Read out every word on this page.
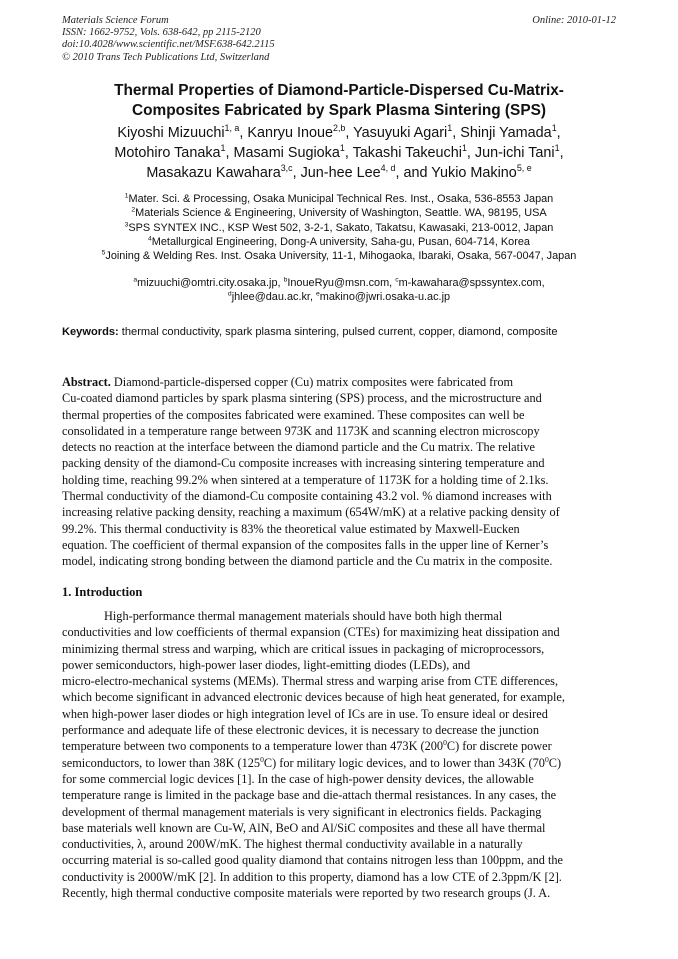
Materials Science Forum
ISSN: 1662-9752, Vols. 638-642, pp 2115-2120
doi:10.4028/www.scientific.net/MSF.638-642.2115
© 2010 Trans Tech Publications Ltd, Switzerland
Online: 2010-01-12
Thermal Properties of Diamond-Particle-Dispersed Cu-Matrix-
Composites Fabricated by Spark Plasma Sintering (SPS)
Kiyoshi Mizuuchi$^{1, a}$, Kanryu Inoue$^{2,b}$, Yasuyuki Agari$^1$, Shinji Yamada$^1$,
Motohiro Tanaka$^1$, Masami Sugioka$^1$, Takashi Takeuchi$^1$, Jun-ichi Tani$^1$,
Masakazu Kawahara$^{3,c}$, Jun-hee Lee$^{4, d}$, and Yukio Makino$^{5, e}$
$^1$Mater. Sci. & Processing, Osaka Municipal Technical Res. Inst., Osaka, 536-8553 Japan
$^2$Materials Science & Engineering, University of Washington, Seattle. WA, 98195, USA
$^3$SPS SYNTEX INC., KSP West 502, 3-2-1, Sakato, Takatsu, Kawasaki, 213-0012, Japan
$^4$Metallurgical Engineering, Dong-A university, Saha-gu, Pusan, 604-714, Korea
$^5$Joining & Welding Res. Inst. Osaka University, 11-1, Mihogaoka, Ibaraki, Osaka, 567-0047, Japan
$^a$mizuuchi@omtri.city.osaka.jp, $^b$InoueRyu@msn.com, $^c$m-kawahara@spssyntex.com,
$^d$jhlee@dau.ac.kr, $^e$makino@jwri.osaka-u.ac.jp
Keywords: thermal conductivity, spark plasma sintering, pulsed current, copper, diamond, composite
Abstract. Diamond-particle-dispersed copper (Cu) matrix composites were fabricated from
Cu-coated diamond particles by spark plasma sintering (SPS) process, and the microstructure and
thermal properties of the composites fabricated were examined. These composites can well be
consolidated in a temperature range between 973K and 1173K and scanning electron microscopy
detects no reaction at the interface between the diamond particle and the Cu matrix. The relative
packing density of the diamond-Cu composite increases with increasing sintering temperature and
holding time, reaching 99.2% when sintered at a temperature of 1173K for a holding time of 2.1ks.
Thermal conductivity of the diamond-Cu composite containing 43.2 vol. % diamond increases with
increasing relative packing density, reaching a maximum (654W/mK) at a relative packing density of
99.2%. This thermal conductivity is 83% the theoretical value estimated by Maxwell-Eucken
equation. The coefficient of thermal expansion of the composites falls in the upper line of Kerner’s
model, indicating strong bonding between the diamond particle and the Cu matrix in the composite.
1. Introduction
High-performance thermal management materials should have both high thermal
conductivities and low coefficients of thermal expansion (CTEs) for maximizing heat dissipation and
minimizing thermal stress and warping, which are critical issues in packaging of microprocessors,
power semiconductors, high-power laser diodes, light-emitting diodes (LEDs), and
micro-electro-mechanical systems (MEMs). Thermal stress and warping arise from CTE differences,
which become significant in advanced electronic devices because of high heat generated, for example,
when high-power laser diodes or high integration level of ICs are in use. To ensure ideal or desired
performance and adequate life of these electronic devices, it is necessary to decrease the junction
temperature between two components to a temperature lower than 473K $(200^0C)$ for discrete power
semiconductors, to lower than 38K $(125^0C)$ for military logic devices, and to lower than 343K $(70^0C)$
for some commercial logic devices [1]. In the case of high-power density devices, the allowable
temperature range is limited in the package base and die-attach thermal resistances. In any cases, the
development of thermal management materials is very significant in electronics fields. Packaging
base materials well known are Cu-W, AlN, BeO and Al/SiC composites and these all have thermal
conductivities, λ, around 200W/mK. The highest thermal conductivity available in a naturally
occurring material is so-called good quality diamond that contains nitrogen less than 100ppm, and the
conductivity is 2000W/mK [2]. In addition to this property, diamond has a low CTE of 2.3ppm/K [2].
Recently, high thermal conductive composite materials were reported by two research groups (J. A.
